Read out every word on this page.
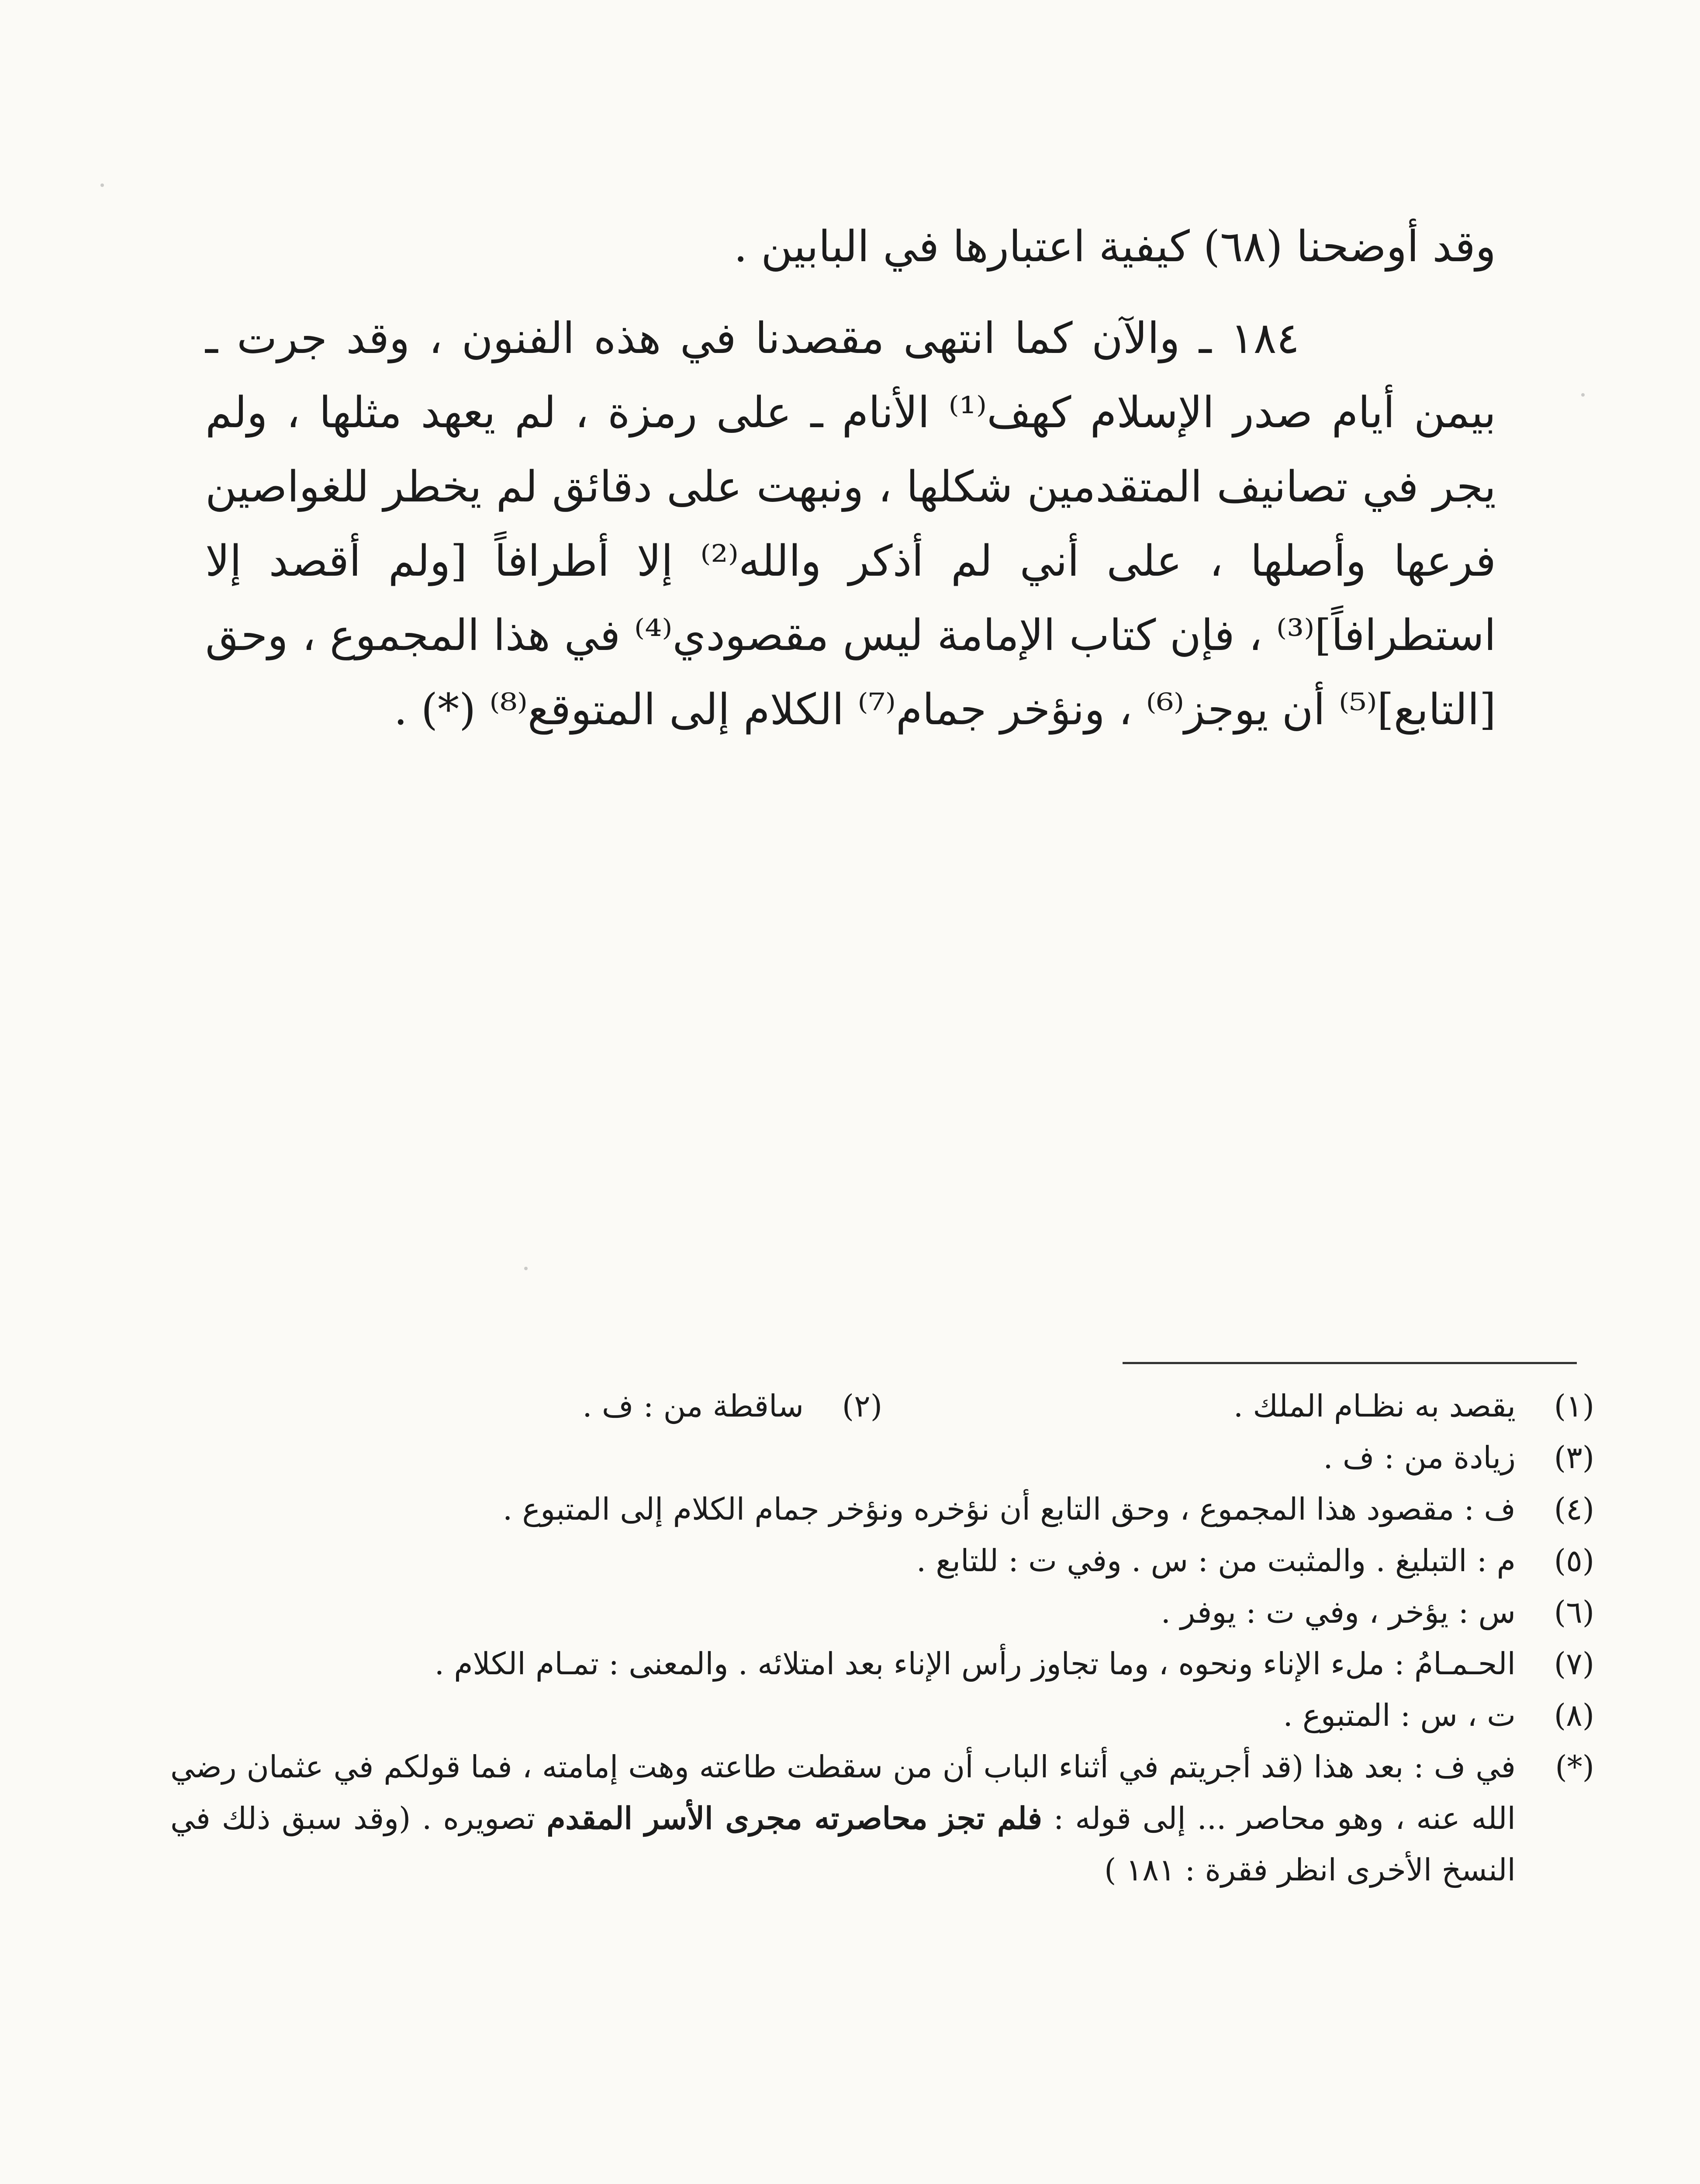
وقد أوضحنا (٦٨) كيفية اعتبارها في البابين .

١٨٤ ـ والآن كما انتهى مقصدنا في هذه الفنون ، وقد جرت ـ بيمن أيام صدر الإسلام كهف⁽¹⁾ الأنام ـ على رمزة ، لم يعهد مثلها ، ولم يجر في تصانيف المتقدمين شكلها ، ونبهت على دقائق لم يخطر للغواصين فرعها وأصلها ، على أني لم أذكر والله⁽²⁾ إلا أطرافاً [ولم أقصد إلا استطرافاً]⁽³⁾ ، فإن كتاب الإمامة ليس مقصودي⁽⁴⁾ في هذا المجموع ، وحق [التابع]⁽⁵⁾ أن يوجز⁽⁶⁾ ، ونؤخر جمام⁽⁷⁾ الكلام إلى المتوقع⁽⁸⁾ (*) .

(١)
يقصد به نظـام الملك .
(٢)
ساقطة من : ف .
(٣)
زيادة من : ف .
(٤)
ف : مقصود هذا المجموع ، وحق التابع أن نؤخره ونؤخر جمام الكلام إلى المتبوع .
(٥)
م : التبليغ . والمثبت من : س . وفي ت : للتابع .
(٦)
س : يؤخر ، وفي ت : يوفر .
(٧)
الحـمـامُ : ملء الإناء ونحوه ، وما تجاوز رأس الإناء بعد امتلائه . والمعنى : تمـام الكلام .
(٨)
ت ، س : المتبوع .
(*)
في ف : بعد هذا (قد أجريتم في أثناء الباب أن من سقطت طاعته وهت إمامته ، فما قولكم في عثمان رضي الله عنه ، وهو محاصر ... إلى قوله : فلم تجز محاصرته مجرى الأسر المقدم تصويره . (وقد سبق ذلك في النسخ الأخرى انظر فقرة : ١٨١ )
